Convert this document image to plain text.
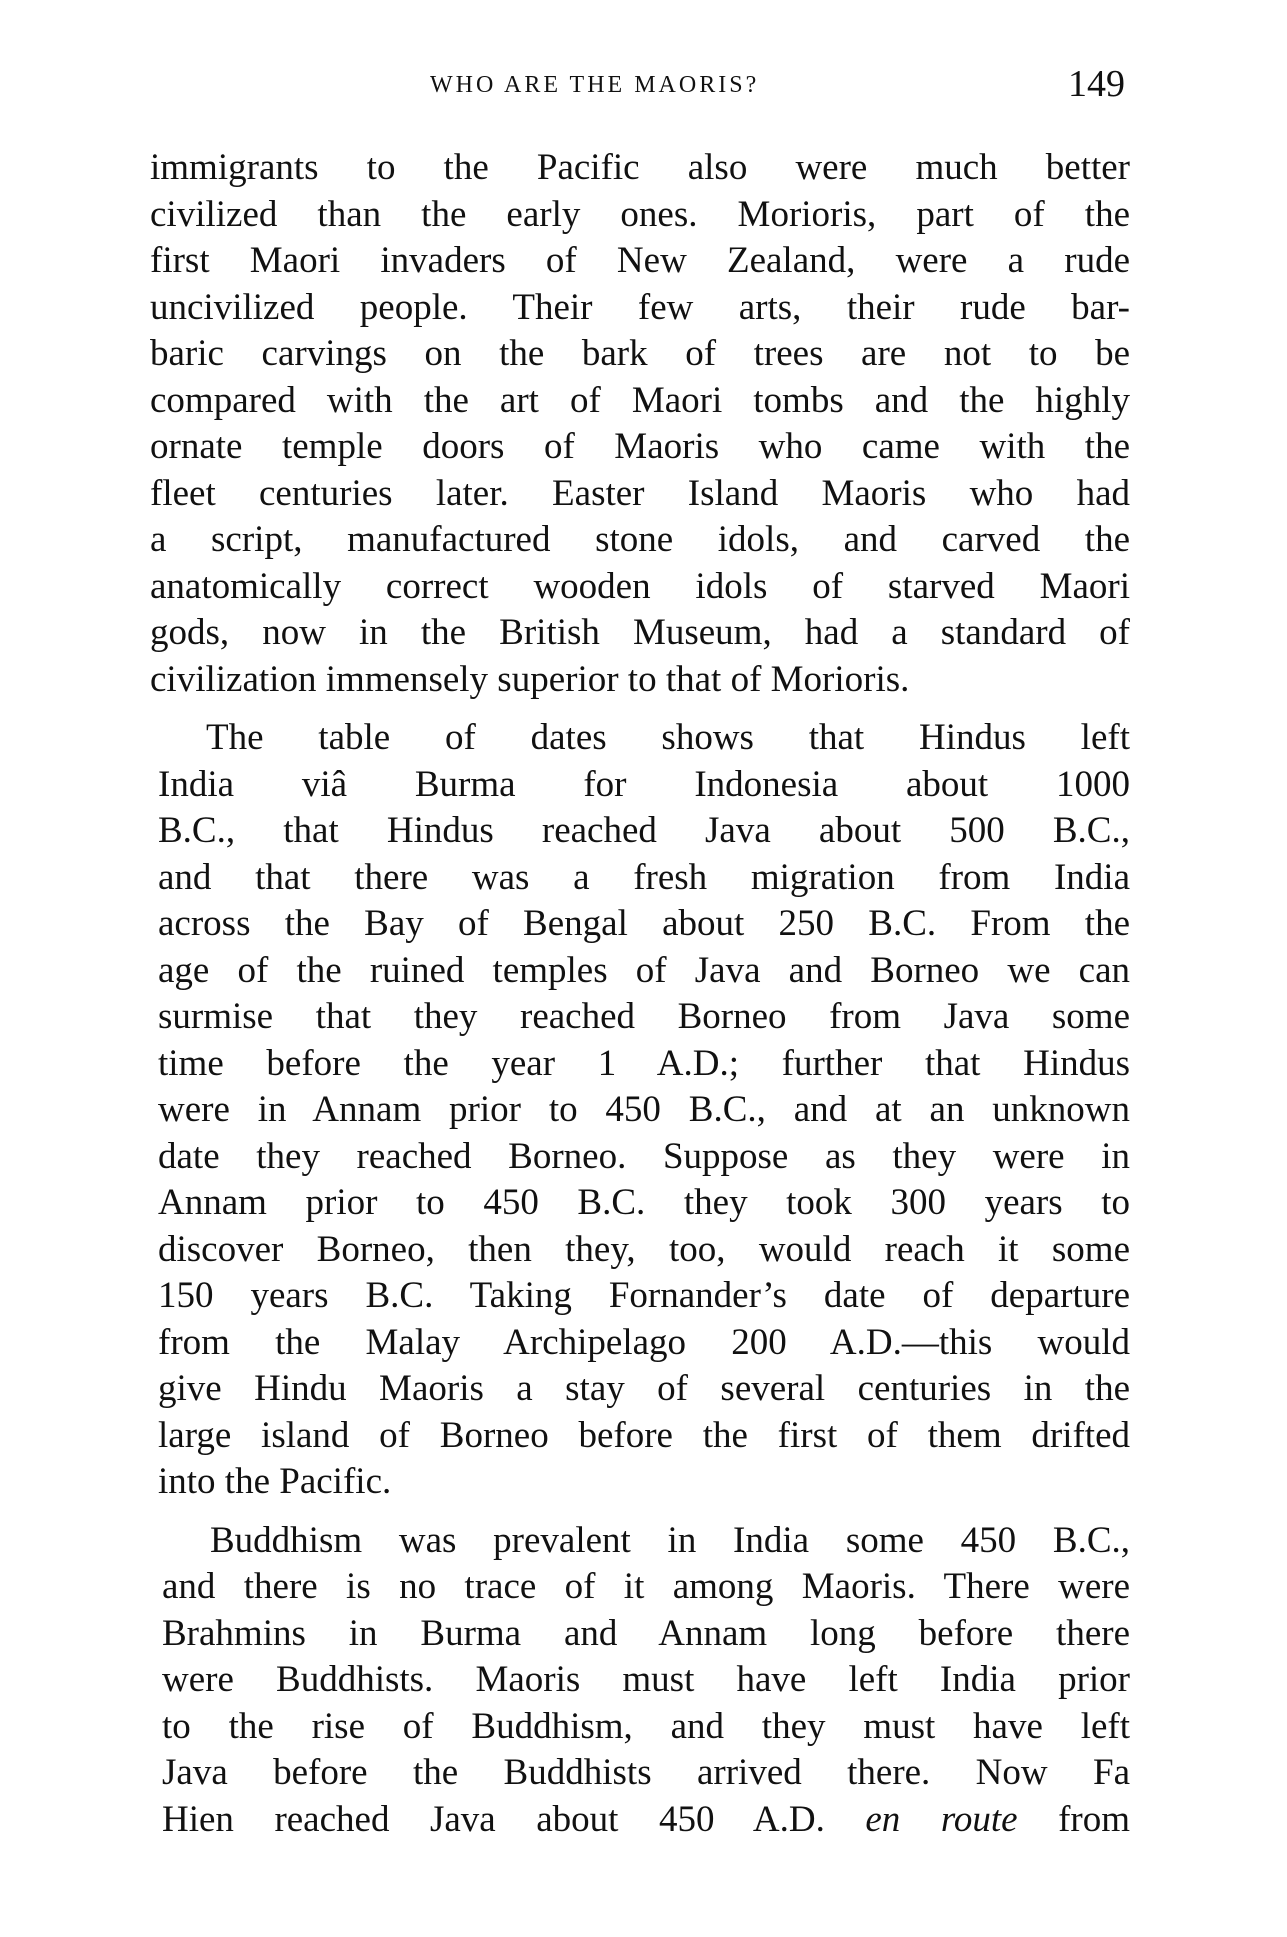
WHO ARE THE MAORIS?	149
immigrants to the Pacific also were much better
civilized than the early ones. Morioris, part of the
first Maori invaders of New Zealand, were a rude
uncivilized people. Their few arts, their rude bar-
baric carvings on the bark of trees are not to be
compared with the art of Maori tombs and the highly
ornate temple doors of Maoris who came with the
fleet centuries later. Easter Island Maoris who had
a script, manufactured stone idols, and carved the
anatomically correct wooden idols of starved Maori
gods, now in the British Museum, had a standard of
civilization immensely superior to that of Morioris.
The table of dates shows that Hindus left
India viâ Burma for Indonesia about 1000
B.C., that Hindus reached Java about 500 B.C.,
and that there was a fresh migration from India
across the Bay of Bengal about 250 B.C. From the
age of the ruined temples of Java and Borneo we can
surmise that they reached Borneo from Java some
time before the year 1 A.D.; further that Hindus
were in Annam prior to 450 B.C., and at an unknown
date they reached Borneo. Suppose as they were in
Annam prior to 450 B.C. they took 300 years to
discover Borneo, then they, too, would reach it some
150 years B.C. Taking Fornander’s date of departure
from the Malay Archipelago 200 A.D.—this would
give Hindu Maoris a stay of several centuries in the
large island of Borneo before the first of them drifted
into the Pacific.
Buddhism was prevalent in India some 450 B.C.,
and there is no trace of it among Maoris. There were
Brahmins in Burma and Annam long before there
were Buddhists. Maoris must have left India prior
to the rise of Buddhism, and they must have left
Java before the Buddhists arrived there. Now Fa
Hien reached Java about 450 A.D. en route from
